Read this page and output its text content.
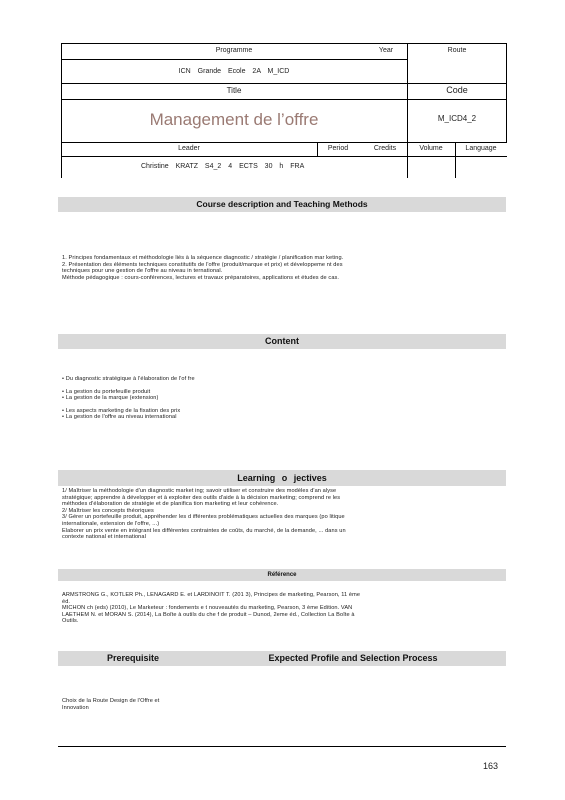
Programme	Year	Route
ICN Grande Ecole 2A M_ICD
Title	Code
Management de l’offre	M_ICD4_2
Leader	Period	Credits	Volume	Language
Christine KRATZ S4_2 4 ECTS 30 h FRA
Course description and Teaching Methods
1. Principes fondamentaux et méthodologie liés à la séquence diagnostic / stratégie / planification mar keting.
2. Présentation des éléments techniques constitutifs de l'offre (produit/marque et prix) et développeme nt des
techniques pour une gestion de l'offre au niveau in ternational.
Méthode pédagogique : cours-conférences, lectures et travaux préparatoires, applications et études de cas.
Content
• Du diagnostic stratégique à l'élaboration de l'of fre
• La gestion du portefeuille produit
• La gestion de la marque (extension)
• Les aspects marketing de la fixation des prix
• La gestion de l'offre au niveau international
Learning o jectives
1/ Maîtriser la méthodologie d'un diagnostic market ing; savoir utiliser et construire des modèles d'an alyse
stratégique; apprendre à développer et à exploiter des outils d'aide à la décision marketing; comprend re les
méthodes d'élaboration de stratégie et de planifica tion marketing et leur cohérence.
2/ Maîtriser les concepts théoriques
3/ Gérer un portefeuille produit, appréhender les d ifférentes problématiques actuelles des marques (po litique
internationale, extension de l'offre, ...)
Elaborer un prix vente en intégrant les différentes contraintes de coûts, du marché, de la demande, ... dans un
contexte national et international
Référence
ARMSTRONG G., KOTLER Ph., LENAGARD E. et LARDINOIT T. (201 3), Principes de marketing, Pearson, 11 ème
éd.
MICHON ch (eds) (2010), Le Marketeur : fondements e t nouveautés du marketing, Pearson, 3 ème Edition. VAN
LAETHEM N. et MORAN S. (2014), La Boîte à outils du che f de produit – Dunod, 2eme éd., Collection La Boîte à
Outils.
Prerequisite	Expected Profile and Selection Process
Choix de la Route Design de l'Offre et
Innovation
163
